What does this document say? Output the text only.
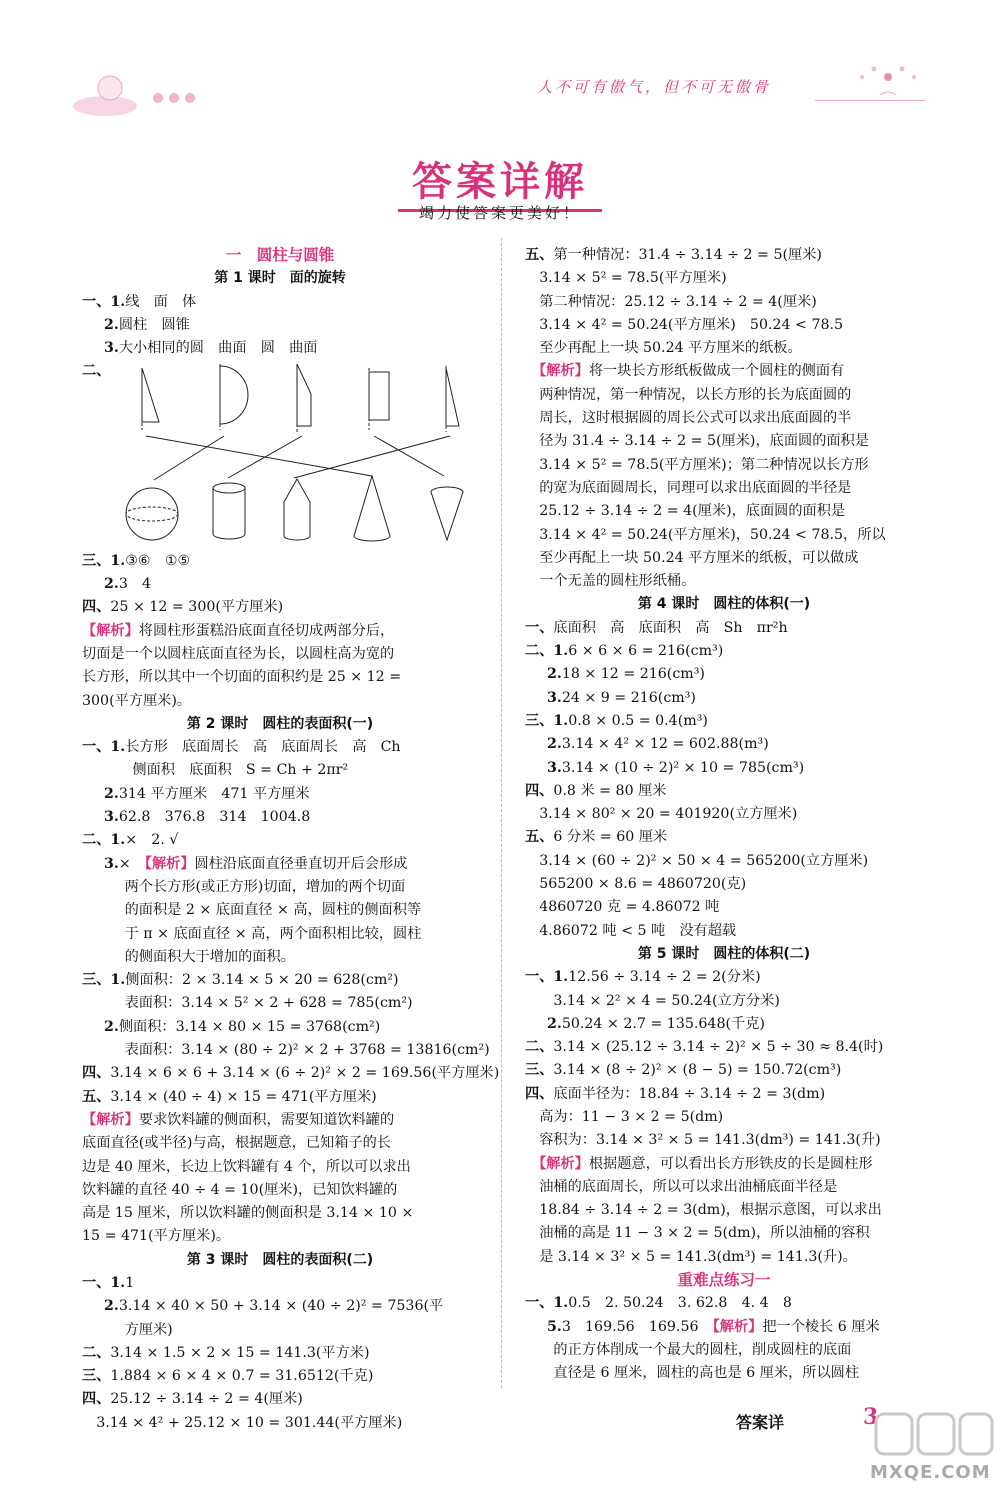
人不可有傲气，但不可无傲骨
答案详解
竭力使答案更美好！
一　圆柱与圆锥
第 1 课时　面的旋转
一、1.线　面　体
2.圆柱　圆锥
3.大小相同的圆　曲面　圆　曲面
二、
三、1.③⑥　①⑤
2.3　4
四、25 × 12 = 300(平方厘米)
【解析】将圆柱形蛋糕沿底面直径切成两部分后，
切面是一个以圆柱底面直径为长，以圆柱高为宽的
长方形，所以其中一个切面的面积约是 25 × 12 =
300(平方厘米)。
第 2 课时　圆柱的表面积(一)
一、1.长方形　底面周长　高　底面周长　高　Ch
　　侧面积　底面积　S = Ch + 2πr²
2.314 平方厘米　471 平方厘米
3.62.8　376.8　314　1004.8
二、1.×　2. √
3.×　【解析】圆柱沿底面直径垂直切开后会形成
　　　两个长方形(或正方形)切面，增加的两个切面
　　　的面积是 2 × 底面直径 × 高，圆柱的侧面积等
　　　于 π × 底面直径 × 高，两个面积相比较，圆柱
　　　的侧面积大于增加的面积。
三、1.侧面积：2 × 3.14 × 5 × 20 = 628(cm²)
　　　表面积：3.14 × 5² × 2 + 628 = 785(cm²)
2.侧面积：3.14 × 80 × 15 = 3768(cm²)
　　　表面积：3.14 × (80 ÷ 2)² × 2 + 3768 = 13816(cm²)
四、3.14 × 6 × 6 + 3.14 × (6 ÷ 2)² × 2 = 169.56(平方厘米)
五、3.14 × (40 ÷ 4) × 15 = 471(平方厘米)
【解析】要求饮料罐的侧面积，需要知道饮料罐的
底面直径(或半径)与高，根据题意，已知箱子的长
边是 40 厘米，长边上饮料罐有 4 个，所以可以求出
饮料罐的直径 40 ÷ 4 = 10(厘米)，已知饮料罐的
高是 15 厘米，所以饮料罐的侧面积是 3.14 × 10 ×
15 = 471(平方厘米)。
第 3 课时　圆柱的表面积(二)
一、1.1
2.3.14 × 40 × 50 + 3.14 × (40 ÷ 2)² = 7536(平
　　　方厘米)
二、3.14 × 1.5 × 2 × 15 = 141.3(平方米)
三、1.884 × 6 × 4 × 0.7 = 31.6512(千克)
四、25.12 ÷ 3.14 ÷ 2 = 4(厘米)
　3.14 × 4² + 25.12 × 10 = 301.44(平方厘米)
五、第一种情况：31.4 ÷ 3.14 ÷ 2 = 5(厘米)
　3.14 × 5² = 78.5(平方厘米)
　第二种情况：25.12 ÷ 3.14 ÷ 2 = 4(厘米)
　3.14 × 4² = 50.24(平方厘米)　50.24 < 78.5
　至少再配上一块 50.24 平方厘米的纸板。
　【解析】将一块长方形纸板做成一个圆柱的侧面有
　两种情况，第一种情况，以长方形的长为底面圆的
　周长，这时根据圆的周长公式可以求出底面圆的半
　径为 31.4 ÷ 3.14 ÷ 2 = 5(厘米)，底面圆的面积是
　3.14 × 5² = 78.5(平方厘米)；第二种情况以长方形
　的宽为底面圆周长，同理可以求出底面圆的半径是
　25.12 ÷ 3.14 ÷ 2 = 4(厘米)，底面圆的面积是
　3.14 × 4² = 50.24(平方厘米)，50.24 < 78.5，所以
　至少再配上一块 50.24 平方厘米的纸板，可以做成
　一个无盖的圆柱形纸桶。
第 4 课时　圆柱的体积(一)
一、底面积　高　底面积　高　Sh　πr²h
二、1.6 × 6 × 6 = 216(cm³)
2.18 × 12 = 216(cm³)
3.24 × 9 = 216(cm³)
三、1.0.8 × 0.5 = 0.4(m³)
2.3.14 × 4² × 12 = 602.88(m³)
3.3.14 × (10 ÷ 2)² × 10 = 785(cm³)
四、0.8 米 = 80 厘米
　3.14 × 80² × 20 = 401920(立方厘米)
五、6 分米 = 60 厘米
　3.14 × (60 ÷ 2)² × 50 × 4 = 565200(立方厘米)
　565200 × 8.6 = 4860720(克)
　4860720 克 = 4.86072 吨
　4.86072 吨 < 5 吨　没有超载
第 5 课时　圆柱的体积(二)
一、1.12.56 ÷ 3.14 ÷ 2 = 2(分米)
　　3.14 × 2² × 4 = 50.24(立方分米)
2.50.24 × 2.7 = 135.648(千克)
二、3.14 × (25.12 ÷ 3.14 ÷ 2)² × 5 ÷ 30 ≈ 8.4(时)
三、3.14 × (8 ÷ 2)² × (8 − 5) = 150.72(cm³)
四、底面半径为：18.84 ÷ 3.14 ÷ 2 = 3(dm)
　高为：11 − 3 × 2 = 5(dm)
　容积为：3.14 × 3² × 5 = 141.3(dm³) = 141.3(升)
　【解析】根据题意，可以看出长方形铁皮的长是圆柱形
　油桶的底面周长，所以可以求出油桶底面半径是
　18.84 ÷ 3.14 ÷ 2 = 3(dm)，根据示意图，可以求出
　油桶的高是 11 − 3 × 2 = 5(dm)，所以油桶的容积
　是 3.14 × 3² × 5 = 141.3(dm³) = 141.3(升)。
重难点练习一
一、1.0.5　2. 50.24　3. 62.8　4. 4　8
5.3　169.56　169.56　【解析】把一个棱长 6 厘米
　　的正方体削成一个最大的圆柱，削成圆柱的底面
　　直径是 6 厘米，圆柱的高也是 6 厘米，所以圆柱
答案详	3
MXQE.COM
